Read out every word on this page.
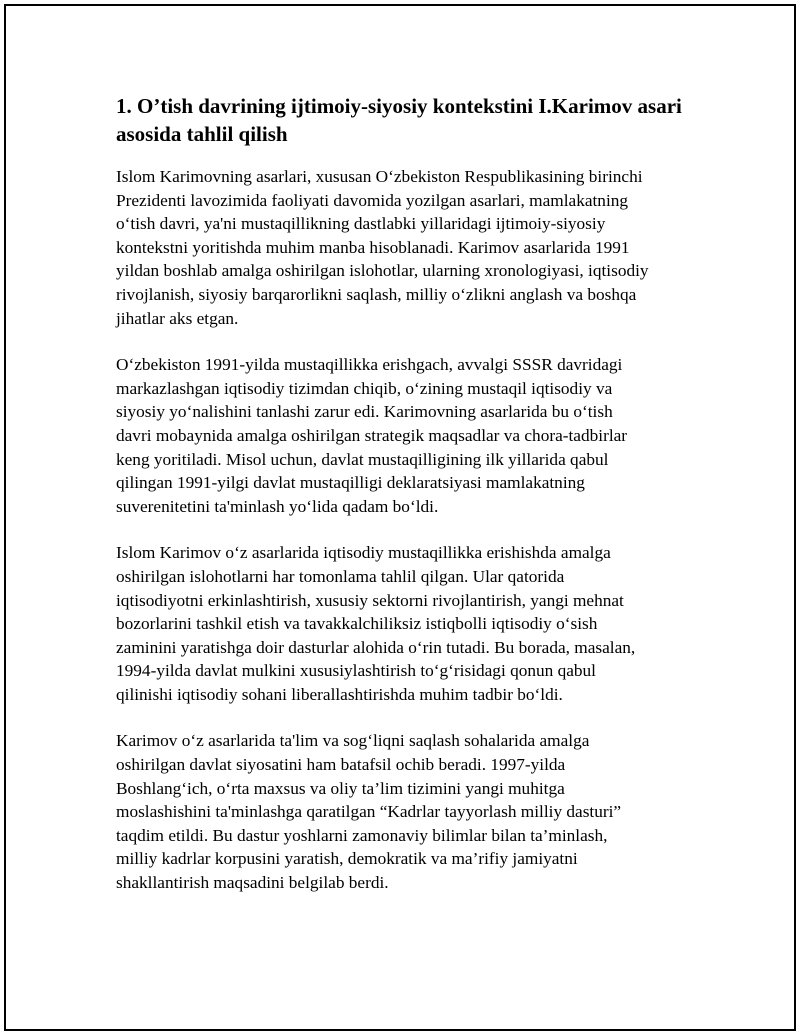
1. O’tish davrining ijtimoiy-siyosiy kontekstini I.Karimov asari
asosida tahlil qilish

Islom Karimovning asarlari, xususan O‘zbekiston Respublikasining birinchi
Prezidenti lavozimida faoliyati davomida yozilgan asarlari, mamlakatning
o‘tish davri, ya'ni mustaqillikning dastlabki yillaridagi ijtimoiy-siyosiy
kontekstni yoritishda muhim manba hisoblanadi. Karimov asarlarida 1991
yildan boshlab amalga oshirilgan islohotlar, ularning xronologiyasi, iqtisodiy
rivojlanish, siyosiy barqarorlikni saqlash, milliy o‘zlikni anglash va boshqa
jihatlar aks etgan.

O‘zbekiston 1991-yilda mustaqillikka erishgach, avvalgi SSSR davridagi
markazlashgan iqtisodiy tizimdan chiqib, o‘zining mustaqil iqtisodiy va
siyosiy yo‘nalishini tanlashi zarur edi. Karimovning asarlarida bu o‘tish
davri mobaynida amalga oshirilgan strategik maqsadlar va chora-tadbirlar
keng yoritiladi. Misol uchun, davlat mustaqilligining ilk yillarida qabul
qilingan 1991-yilgi davlat mustaqilligi deklaratsiyasi mamlakatning
suverenitetini ta'minlash yo‘lida qadam bo‘ldi.

Islom Karimov o‘z asarlarida iqtisodiy mustaqillikka erishishda amalga
oshirilgan islohotlarni har tomonlama tahlil qilgan. Ular qatorida
iqtisodiyotni erkinlashtirish, xususiy sektorni rivojlantirish, yangi mehnat
bozorlarini tashkil etish va tavakkalchiliksiz istiqbolli iqtisodiy o‘sish
zaminini yaratishga doir dasturlar alohida o‘rin tutadi. Bu borada, masalan,
1994-yilda davlat mulkini xususiylashtirish to‘g‘risidagi qonun qabul
qilinishi iqtisodiy sohani liberallashtirishda muhim tadbir bo‘ldi.

Karimov o‘z asarlarida ta'lim va sog‘liqni saqlash sohalarida amalga
oshirilgan davlat siyosatini ham batafsil ochib beradi. 1997-yilda
Boshlang‘ich, o‘rta maxsus va oliy ta’lim tizimini yangi muhitga
moslashishini ta'minlashga qaratilgan “Kadrlar tayyorlash milliy dasturi”
taqdim etildi. Bu dastur yoshlarni zamonaviy bilimlar bilan ta’minlash,
milliy kadrlar korpusini yaratish, demokratik va ma’rifiy jamiyatni
shakllantirish maqsadini belgilab berdi.
